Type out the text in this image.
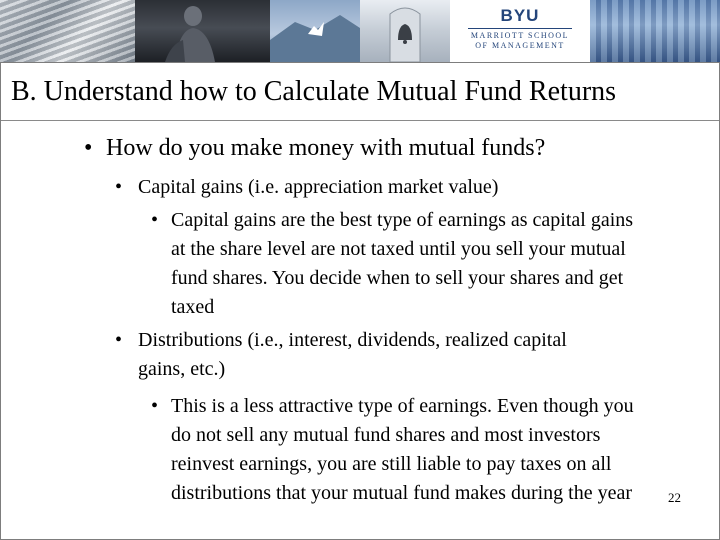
BYU
MARRIOTT SCHOOL
OF MANAGEMENT
B. Understand how to Calculate Mutual Fund Returns
• How do you make money with mutual funds?
• Capital gains (i.e. appreciation market value)
• Capital gains are the best type of earnings as capital gains at the share level are not taxed until you sell your mutual fund shares. You decide when to sell your shares and get taxed
• Distributions (i.e., interest, dividends, realized capital gains, etc.)
• This is a less attractive type of earnings. Even though you do not sell any mutual fund shares and most investors reinvest earnings, you are still liable to pay taxes on all distributions that your mutual fund makes during the year	22
